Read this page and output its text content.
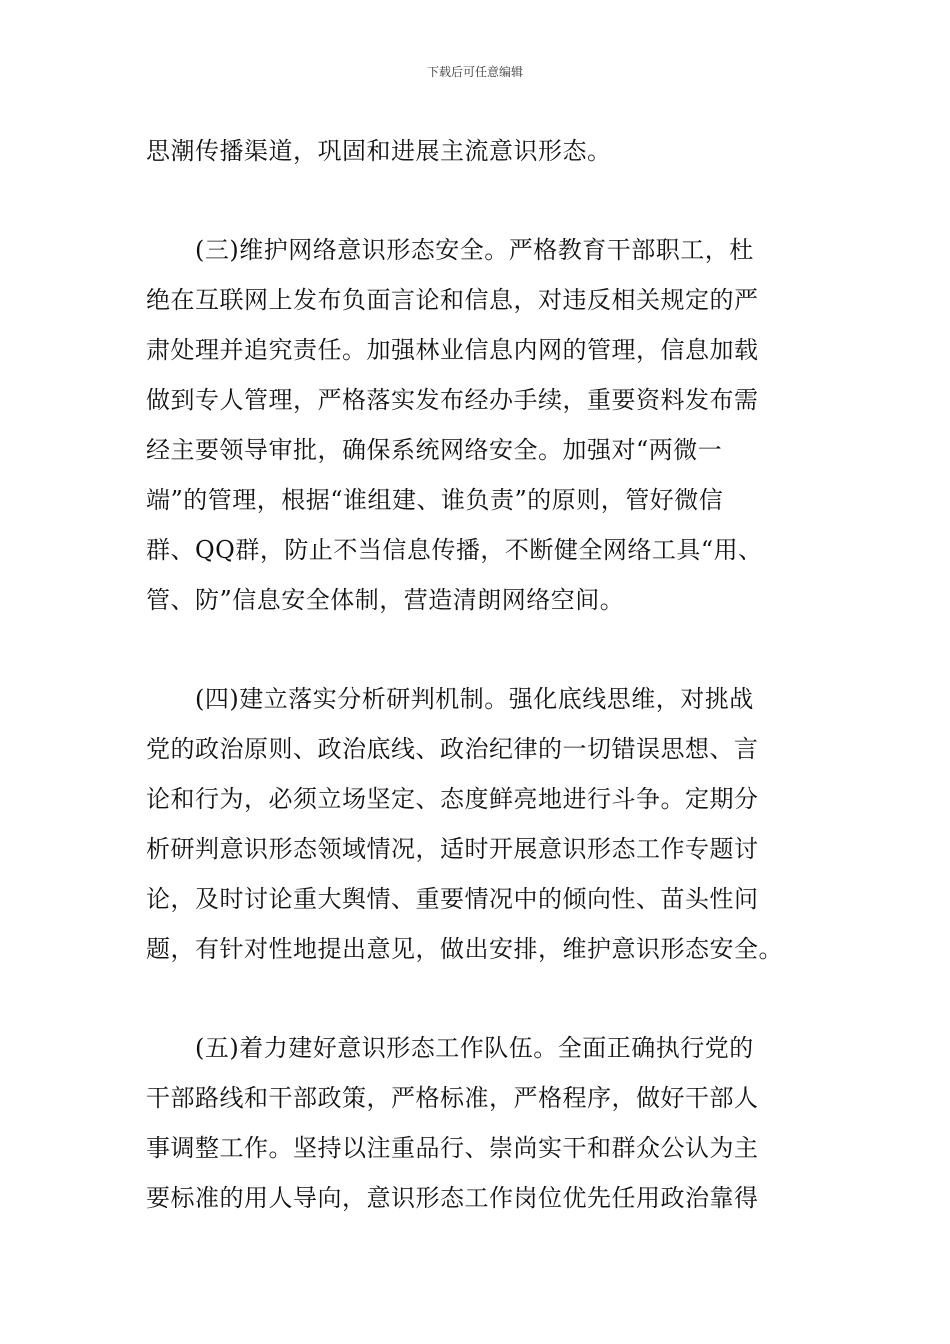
下载后可任意编辑
思潮传播渠道，巩固和进展主流意识形态。
　　(三)维护网络意识形态安全。严格教育干部职工，杜
绝在互联网上发布负面言论和信息，对违反相关规定的严
肃处理并追究责任。加强林业信息内网的管理，信息加载
做到专人管理，严格落实发布经办手续，重要资料发布需
经主要领导审批，确保系统网络安全。加强对“两微一
端”的管理，根据“谁组建、谁负责”的原则，管好微信
群、QQ群，防止不当信息传播，不断健全网络工具“用、
管、防”信息安全体制，营造清朗网络空间。
　　(四)建立落实分析研判机制。强化底线思维，对挑战
党的政治原则、政治底线、政治纪律的一切错误思想、言
论和行为，必须立场坚定、态度鲜亮地进行斗争。定期分
析研判意识形态领域情况，适时开展意识形态工作专题讨
论，及时讨论重大舆情、重要情况中的倾向性、苗头性问
题，有针对性地提出意见，做出安排，维护意识形态安全。
　　(五)着力建好意识形态工作队伍。全面正确执行党的
干部路线和干部政策，严格标准，严格程序，做好干部人
事调整工作。坚持以注重品行、崇尚实干和群众公认为主
要标准的用人导向，意识形态工作岗位优先任用政治靠得
